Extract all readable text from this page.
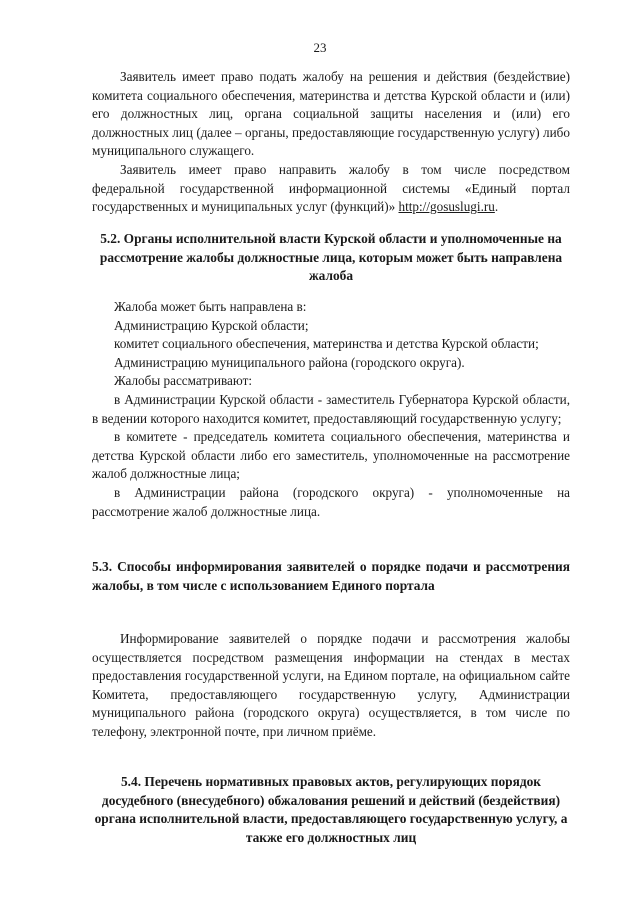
23

Заявитель имеет право подать жалобу на решения и действия (бездействие) комитета социального обеспечения, материнства и детства Курской области и (или) его должностных лиц, органа социальной защиты населения и (или) его должностных лиц (далее – органы, предоставляющие государственную услугу) либо муниципального служащего.

Заявитель имеет право направить жалобу в том числе посредством федеральной государственной информационной системы «Единый портал государственных и муниципальных услуг (функций)» http://gosuslugi.ru.

5.2. Органы исполнительной власти Курской области и уполномоченные на рассмотрение жалобы должностные лица, которым может быть направлена жалоба

Жалоба может быть направлена в:

Администрацию Курской области;

комитет социального обеспечения, материнства и детства Курской области;

Администрацию муниципального района (городского округа).

Жалобы рассматривают:

в Администрации Курской области - заместитель Губернатора Курской области, в ведении которого находится комитет, предоставляющий государственную услугу;

в комитете - председатель комитета социального обеспечения, материнства и детства Курской области либо его заместитель, уполномоченные на рассмотрение жалоб должностные лица;

в Администрации района (городского округа) - уполномоченные на рассмотрение жалоб должностные лица.

5.3. Способы информирования заявителей о порядке подачи и рассмотрения жалобы, в том числе с использованием Единого портала

Информирование заявителей о порядке подачи и рассмотрения жалобы осуществляется посредством размещения информации на стендах в местах предоставления государственной услуги, на Едином портале, на официальном сайте Комитета, предоставляющего государственную услугу, Администрации муниципального района (городского округа) осуществляется, в том числе по телефону, электронной почте, при личном приёме.

5.4. Перечень нормативных правовых актов, регулирующих порядок досудебного (внесудебного) обжалования решений и действий (бездействия) органа исполнительной власти, предоставляющего государственную услугу, а также его должностных лиц
